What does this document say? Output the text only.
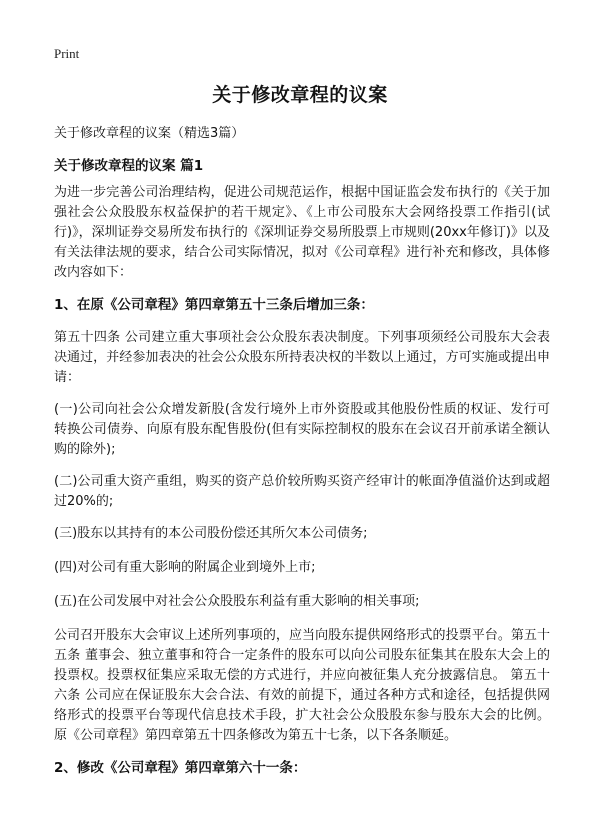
Print
关于修改章程的议案
关于修改章程的议案（精选3篇）
关于修改章程的议案 篇1

为进一步完善公司治理结构，促进公司规范运作，根据中国证监会发布执行的《关于加强社会公众股股东权益保护的若干规定》、《上市公司股东大会网络投票工作指引(试行)》，深圳证券交易所发布执行的《深圳证券交易所股票上市规则(20xx年修订)》以及有关法律法规的要求，结合公司实际情况，拟对《公司章程》进行补充和修改，具体修改内容如下：

1、在原《公司章程》第四章第五十三条后增加三条：

第五十四条 公司建立重大事项社会公众股东表决制度。下列事项须经公司股东大会表决通过，并经参加表决的社会公众股东所持表决权的半数以上通过，方可实施或提出申请：

(一)公司向社会公众增发新股(含发行境外上市外资股或其他股份性质的权证、发行可转换公司债券、向原有股东配售股份(但有实际控制权的股东在会议召开前承诺全额认购的除外);

(二)公司重大资产重组，购买的资产总价较所购买资产经审计的帐面净值溢价达到或超过20%的;

(三)股东以其持有的本公司股份偿还其所欠本公司债务;

(四)对公司有重大影响的附属企业到境外上市;

(五)在公司发展中对社会公众股股东利益有重大影响的相关事项;

公司召开股东大会审议上述所列事项的，应当向股东提供网络形式的投票平台。第五十五条 董事会、独立董事和符合一定条件的股东可以向公司股东征集其在股东大会上的投票权。投票权征集应采取无偿的方式进行，并应向被征集人充分披露信息。 第五十六条 公司应在保证股东大会合法、有效的前提下，通过各种方式和途径，包括提供网络形式的投票平台等现代信息技术手段，扩大社会公众股股东参与股东大会的比例。 原《公司章程》第四章第五十四条修改为第五十七条，以下各条顺延。

2、修改《公司章程》第四章第六十一条：
